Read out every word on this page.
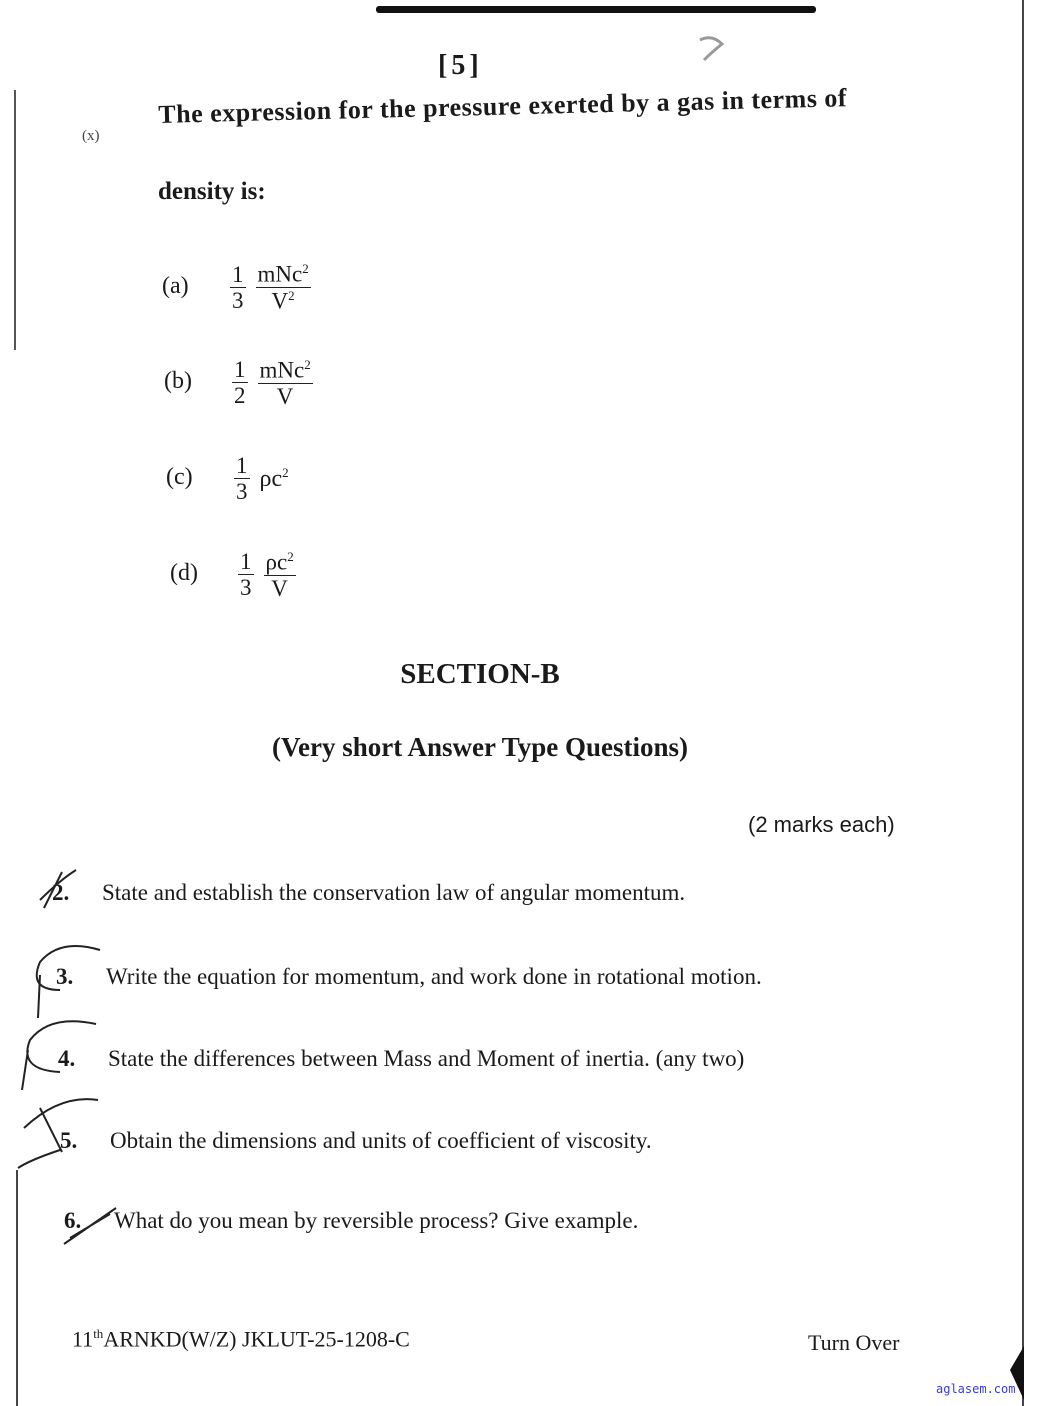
[5]
(x)
The expression for the pressure exerted by a gas in terms of
density is:
$(a) \frac{1}{3}$
$\frac{mNc^2}{V^2}$
$(b) \frac{1}{2}$
$\frac{mNc^2}{V}$
$(c) \frac{1}{3} \rho c^2$
$(d) \frac{1}{3}$
$\frac{\rho c^2}{V}$
SECTION-B
(Very short Answer Type Questions)
(2 marks each)
2. State and establish the conservation law of angular momentum.
3. Write the equation for momentum, and work done in rotational motion.
4. State the differences between Mass and Moment of inertia. (any two)
5. Obtain the dimensions and units of coefficient of viscosity.
6. What do you mean by reversible process? Give example.
11thARNKD(W/Z) JKLUT-25-1208-C	Turn Over
aglasem.com
